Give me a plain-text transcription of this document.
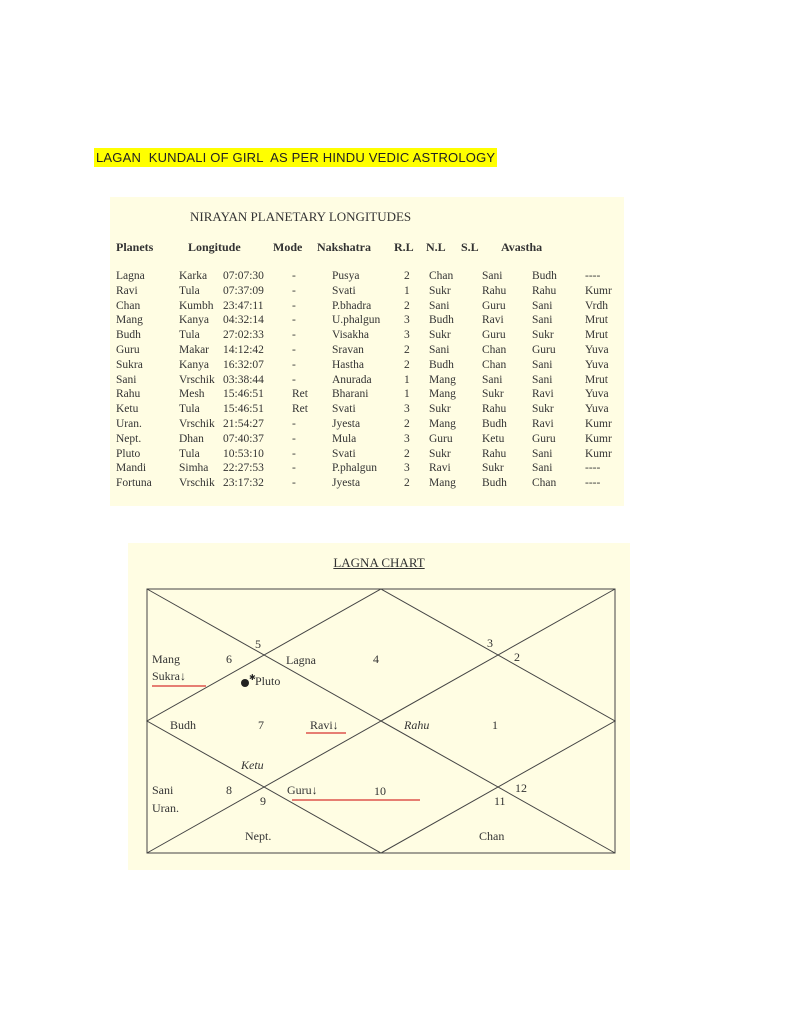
LAGAN  KUNDALI OF GIRL  AS PER HINDU VEDIC ASTROLOGY
NIRAYAN PLANETARY LONGITUDES
Planets	Longitude	Mode Nakshatra R.L N.L S.L Avastha
Lagna	Karka 07:07:30 -	Pusya	2 Chan Sani	Budh ----
Ravi	Tula 07:37:09 -	Svati	1 Sukr	Rahu Rahu Kumr
Chan	Kumbh 23:47:11 -	P.bhadra	2 Sani	Guru Sani	Vrdh
Mang	Kanya 04:32:14 -	U.phalgun 3 Budh Ravi Sani	Mrut
Budh	Tula 27:02:33 -	Visakha	3 Sukr	Guru Sukr	Mrut
Guru	Makar 14:12:42 -	Sravan	2 Sani	Chan Guru	Yuva
Sukra	Kanya 16:32:07 -	Hastha	2 Budh Chan Sani	Yuva
Sani	Vrschik 03:38:44 -	Anurada	1 Mang Sani	Sani	Mrut
Rahu	Mesh 15:46:51 Ret Bharani	1 Mang Sukr Ravi	Yuva
Ketu	Tula 15:46:51 Ret Svati	3 Sukr	Rahu Sukr	Yuva
Uran.	Vrschik 21:54:27 -	Jyesta	2 Mang Budh Ravi	Kumr
Nept.	Dhan 07:40:37 -	Mula	3 Guru	Ketu Guru	Kumr
Pluto	Tula 10:53:10 -	Svati	2 Sukr	Rahu Sani	Kumr
Mandi	Simha 22:27:53 -	P.phalgun 3 Ravi	Sukr Sani	----
Fortuna Vrschik 23:17:32 -	Jyesta	2 Mang Budh Chan ----
LAGNA CHART
✱
5
Mang	6	Lagna	4
3
2
Sukra↓	Pluto
Budh	7	Ravi↓	Rahu	1
Ketu
Sani	8	Guru↓	10	12
Uran.	9	11
Nept.	Chan
